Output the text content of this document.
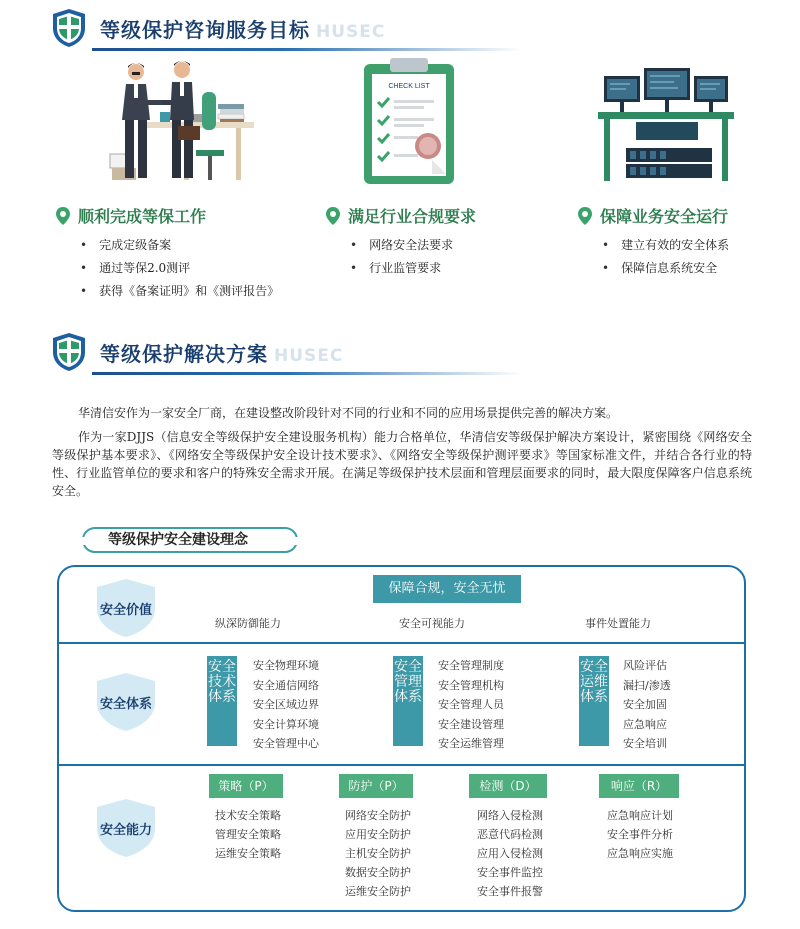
等级保护咨询服务目标 HUSEC
顺利完成等保工作
• 完成定级备案
• 通过等保2.0测评
• 获得《备案证明》和《测评报告》
CHECK LIST
满足行业合规要求
• 网络安全法要求
• 行业监管要求
保障业务安全运行
• 建立有效的安全体系
• 保障信息系统安全
等级保护解决方案 HUSEC

华清信安作为一家安全厂商，在建设整改阶段针对不同的行业和不同的应用场景提供完善的解决方案。

作为一家DJJS（信息安全等级保护安全建设服务机构）能力合格单位，华清信安等级保护解决方案设计，紧密围绕《网络安全等级保护基本要求》、《网络安全等级保护安全设计技术要求》、《网络安全等级保护测评要求》等国家标准文件，并结合各行业的特性、行业监管单位的要求和客户的特殊安全需求开展。在满足等级保护技术层面和管理层面要求的同时，最大限度保障客户信息系统安全。

等级保护安全建设理念
安全价值
保障合规，安全无忧
纵深防御能力	安全可视能力	事件处置能力
安全体系
安全技术体系
安全物理环境
安全通信网络
安全区域边界
安全计算环境
安全管理中心
安全管理体系
安全管理制度
安全管理机构
安全管理人员
安全建设管理
安全运维管理
安全运维体系
风险评估
漏扫/渗透
安全加固
应急响应
安全培训
安全能力
策略（P）
技术安全策略
管理安全策略
运维安全策略
防护（P）
网络安全防护
应用安全防护
主机安全防护
数据安全防护
运维安全防护
检测（D）
网络入侵检测
恶意代码检测
应用入侵检测
安全事件监控
安全事件报警
响应（R）
应急响应计划
安全事件分析
应急响应实施
